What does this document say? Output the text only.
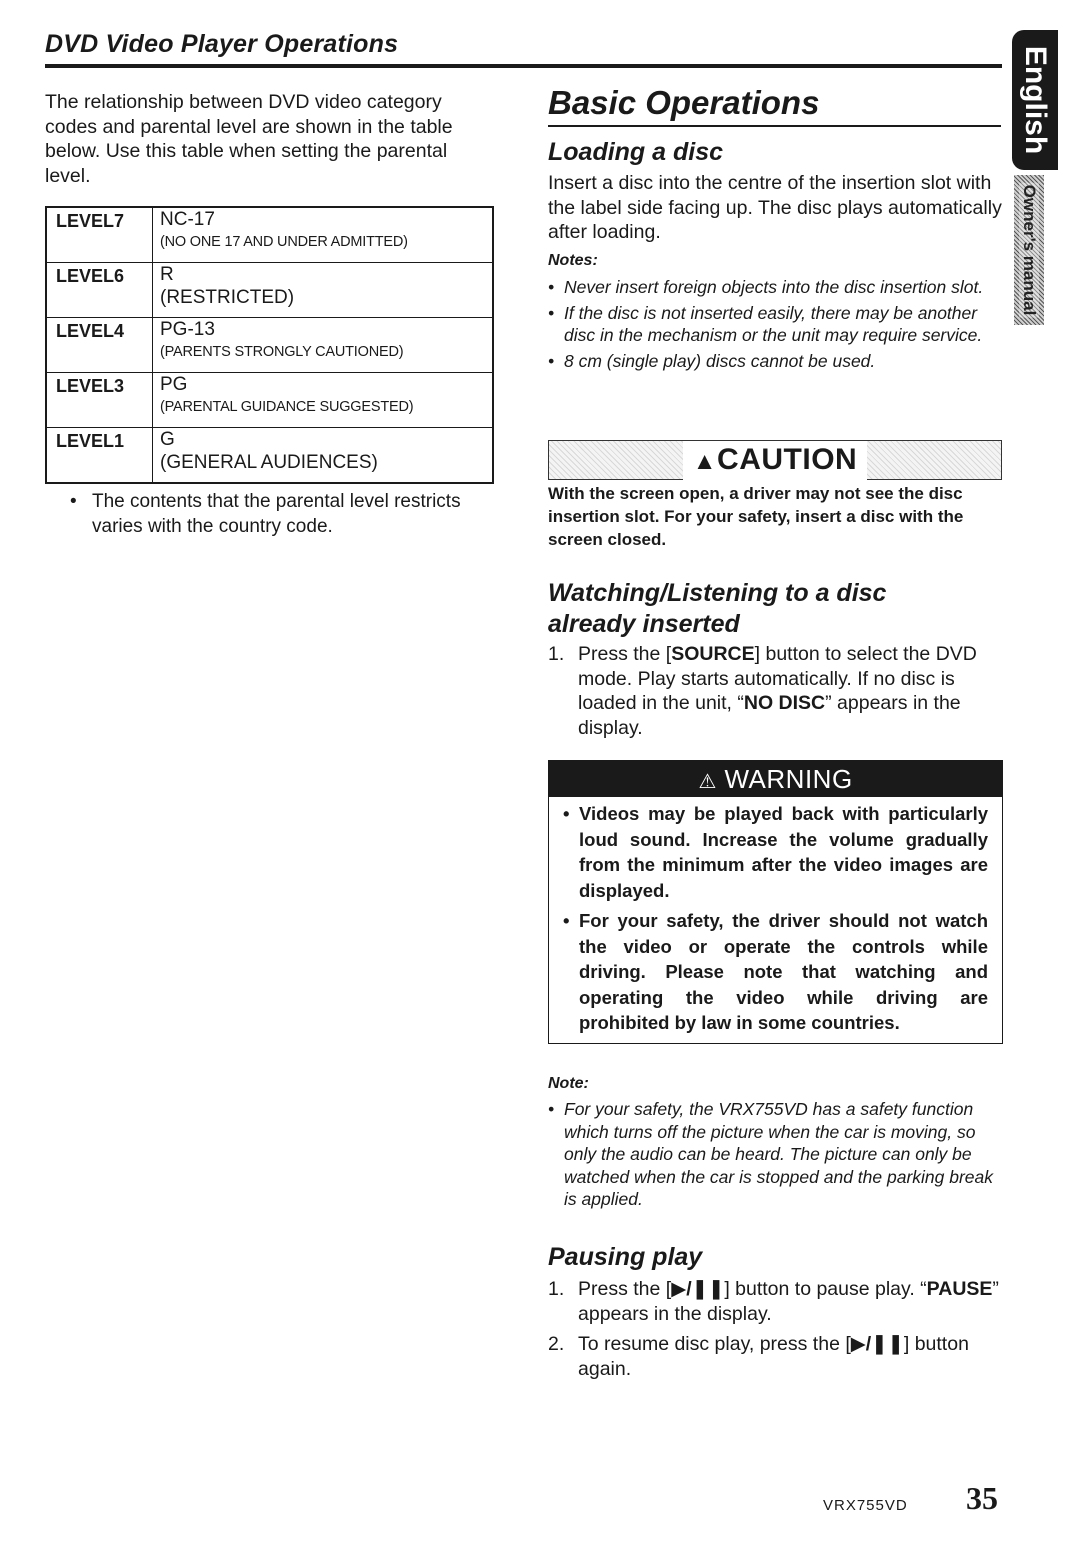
DVD Video Player Operations
English
Owner's manual
The relationship between DVD video category codes and parental level are shown in the table below. Use this table when setting the parental level.
LEVEL7	NC-17
(NO ONE 17 AND UNDER ADMITTED)

LEVEL6	R
(RESTRICTED)

LEVEL4	PG-13
(PARENTS STRONGLY CAUTIONED)

LEVEL3	PG
(PARENTAL GUIDANCE SUGGESTED)

LEVEL1	G
(GENERAL AUDIENCES)
• The contents that the parental level restricts varies with the country code.
Basic Operations
Loading a disc
Insert a disc into the centre of the insertion slot with the label side facing up. The disc plays automatically after loading.
Notes:
• Never insert foreign objects into the disc insertion slot.
• If the disc is not inserted easily, there may be another disc in the mechanism or the unit may require service.
• 8 cm (single play) discs cannot be used.
▲CAUTION
With the screen open, a driver may not see the disc insertion slot. For your safety, insert a disc with the screen closed.
Watching/Listening to a disc
already inserted
1. Press the [SOURCE] button to select the DVD mode. Play starts automatically. If no disc is loaded in the unit, “NO DISC” appears in the display.
⚠ WARNING
• Videos may be played back with particularly loud sound. Increase the volume gradually from the minimum after the video images are displayed.
• For your safety, the driver should not watch the video or operate the controls while driving. Please note that watching and operating the video while driving are prohibited by law in some countries.
Note:
• For your safety, the VRX755VD has a safety function which turns off the picture when the car is moving, so only the audio can be heard. The picture can only be watched when the car is stopped and the parking break is applied.
Pausing play
1. Press the [▶/❚❚] button to pause play. “PAUSE” appears in the display.
2. To resume disc play, press the [▶/❚❚] button again.
VRX755VD 35
